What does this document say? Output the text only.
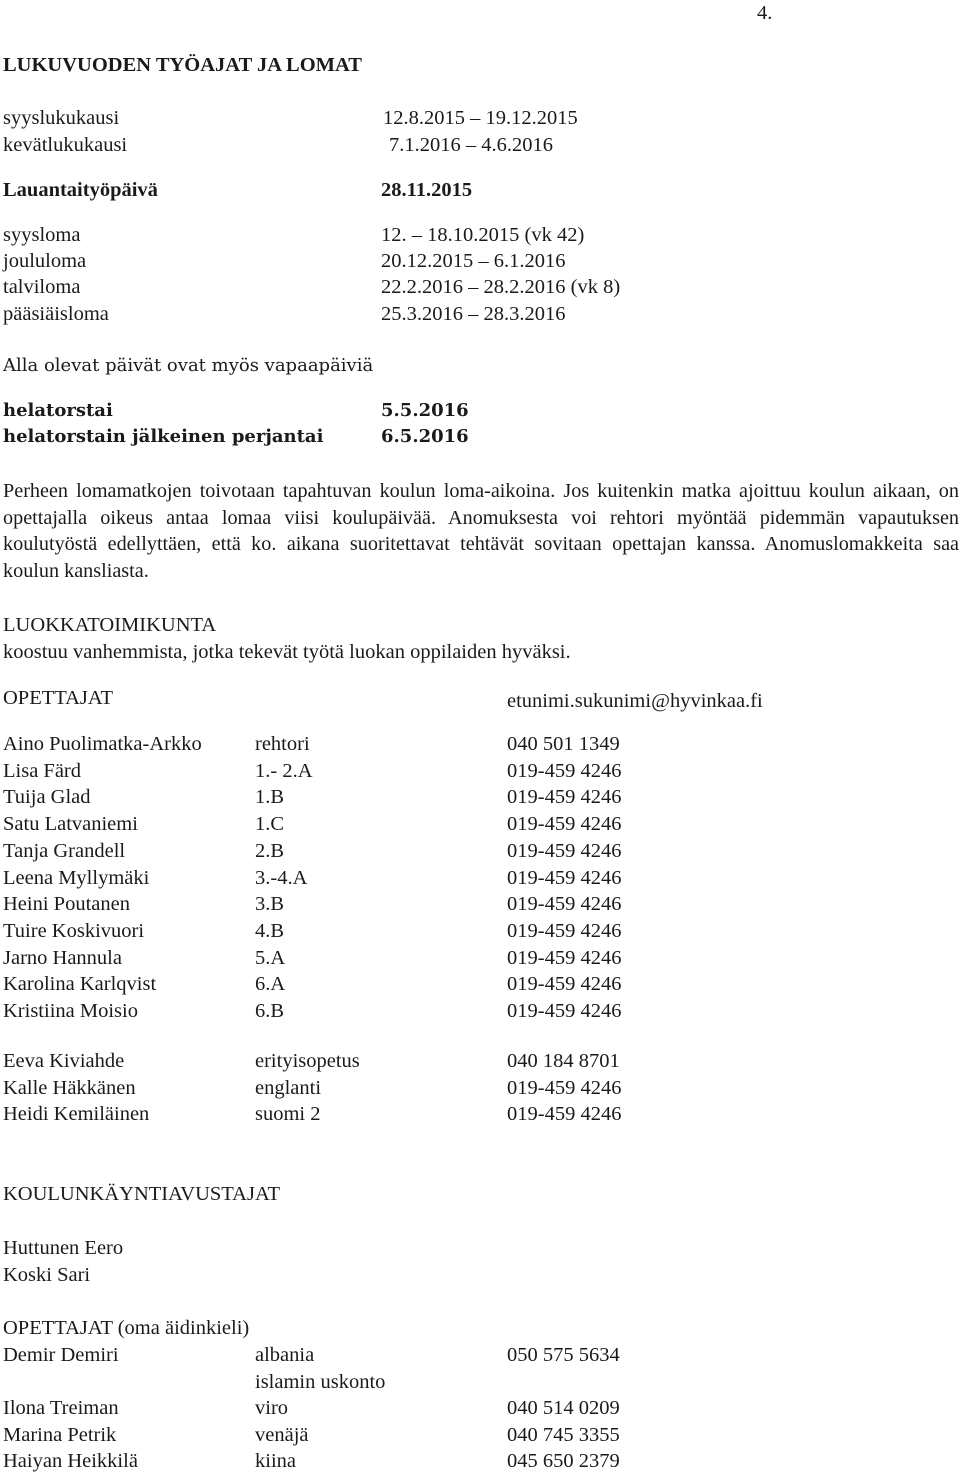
4.
LUKUVUODEN TYÖAJAT JA LOMAT
syyslukukausi	12.8.2015 – 19.12.2015
kevätlukukausi	7.1.2016 – 4.6.2016
Lauantaityöpäivä	28.11.2015
syysloma	12. – 18.10.2015 (vk 42)
joululoma	20.12.2015 – 6.1.2016
talviloma	22.2.2016 – 28.2.2016 (vk 8)
pääsiäisloma	25.3.2016 – 28.3.2016
Alla olevat päivät ovat myös vapaapäiviä
helatorstai	5.5.2016
helatorstain jälkeinen perjantai	6.5.2016
Perheen lomamatkojen toivotaan tapahtuvan koulun loma-aikoina. Jos kuitenkin matka ajoittuu koulun aikaan, on opettajalla oikeus antaa lomaa viisi koulupäivää. Anomuksesta voi rehtori myöntää pidemmän vapautuksen koulutyöstä edellyttäen, että ko. aikana suoritettavat tehtävät sovitaan opettajan kanssa. Anomuslomakkeita saa koulun kansliasta.
LUOKKATOIMIKUNTA
koostuu vanhemmista, jotka tekevät työtä luokan oppilaiden hyväksi.
OPETTAJAT	etunimi.sukunimi@hyvinkaa.fi
Aino Puolimatka-Arkko	rehtori	040 501 1349
Lisa Färd	1.- 2.A	019-459 4246
Tuija Glad	1.B	019-459 4246
Satu Latvaniemi	1.C	019-459 4246
Tanja Grandell	2.B	019-459 4246
Leena Myllymäki	3.-4.A	019-459 4246
Heini Poutanen	3.B	019-459 4246
Tuire Koskivuori	4.B	019-459 4246
Jarno Hannula	5.A	019-459 4246
Karolina Karlqvist	6.A	019-459 4246
Kristiina Moisio	6.B	019-459 4246
Eeva Kiviahde	erityisopetus	040 184 8701
Kalle Häkkänen	englanti	019-459 4246
Heidi Kemiläinen	suomi 2	019-459 4246
KOULUNKÄYNTIAVUSTAJAT
Huttunen Eero
Koski Sari
OPETTAJAT (oma äidinkieli)
Demir Demiri	albania	050 575 5634
islamin uskonto
Ilona Treiman	viro	040 514 0209
Marina Petrik	venäjä	040 745 3355
Haiyan Heikkilä	kiina	045 650 2379
